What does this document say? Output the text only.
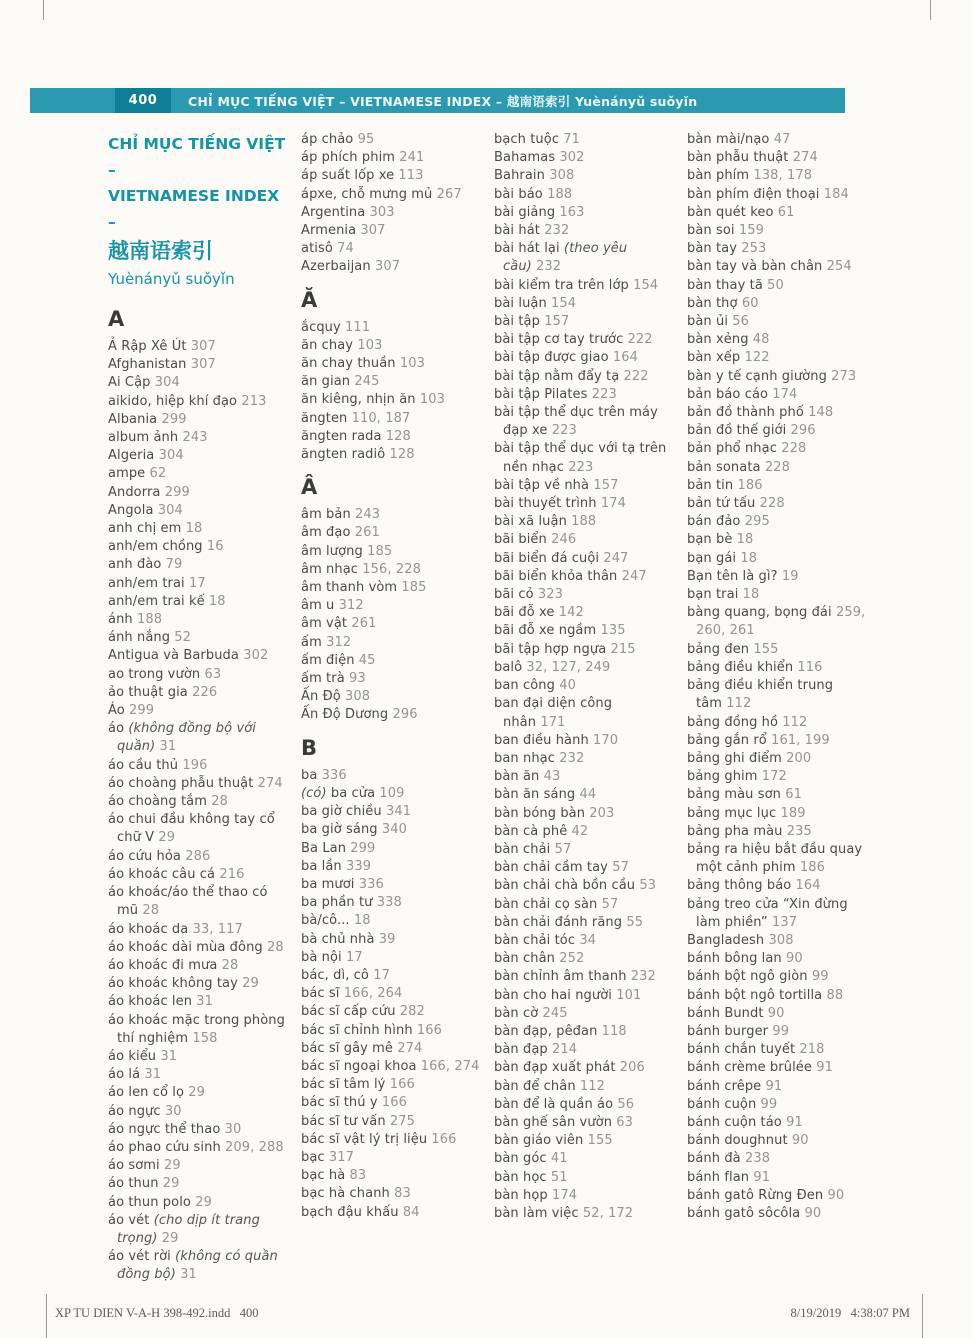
400 CHỈ MỤC TIẾNG VIỆT – VIETNAMESE INDEX – 越南语索引 Yuènányǔ suǒyǐn
CHỈ MỤC TIẾNG VIỆT –
VIETNAMESE INDEX –
越南语索引
Yuènányǔ suǒyǐn
A
Ả Rập Xê Út 307
Afghanistan 307
Ai Cập 304
aikido, hiệp khí đạo 213
Albania 299
album ảnh 243
Algeria 304
ampe 62
Andorra 299
Angola 304
anh chị em 18
anh/em chồng 16
anh đào 79
anh/em trai 17
anh/em trai kế 18
ánh 188
ánh nắng 52
Antigua và Barbuda 302
ao trong vườn 63
ảo thuật gia 226
Áo 299
áo (không đồng bộ với quần) 31
áo cầu thủ 196
áo choàng phẫu thuật 274
áo choàng tắm 28
áo chui đầu không tay cổ chữ V 29
áo cứu hỏa 286
áo khoác câu cá 216
áo khoác/áo thể thao có mũ 28
áo khoác da 33, 117
áo khoác dài mùa đông 28
áo khoác đi mưa 28
áo khoác không tay 29
áo khoác len 31
áo khoác mặc trong phòng thí nghiệm 158
áo kiểu 31
áo lá 31
áo len cổ lọ 29
áo ngực 30
áo ngực thể thao 30
áo phao cứu sinh 209, 288
áo sơmi 29
áo thun 29
áo thun polo 29
áo vét (cho dịp ít trang trọng) 29
áo vét rời (không có quần đồng bộ) 31
áp chảo 95
áp phích phim 241
áp suất lốp xe 113
ápxe, chỗ mưng mủ 267
Argentina 303
Armenia 307
atisô 74
Azerbaijan 307
Ă
ắcquy 111
ăn chay 103
ăn chay thuần 103
ăn gian 245
ăn kiêng, nhịn ăn 103
ăngten 110, 187
ăngten rada 128
ăngten radiô 128
Â
âm bản 243
âm đạo 261
âm lượng 185
âm nhạc 156, 228
âm thanh vòm 185
âm u 312
âm vật 261
ấm 312
ấm điện 45
ấm trà 93
Ấn Độ 308
Ấn Độ Dương 296
B
ba 336
(có) ba cửa 109
ba giờ chiều 341
ba giờ sáng 340
Ba Lan 299
ba lần 339
ba mươi 336
ba phần tư 338
bà/cô... 18
bà chủ nhà 39
bà nội 17
bác, dì, cô 17
bác sĩ 166, 264
bác sĩ cấp cứu 282
bác sĩ chỉnh hình 166
bác sĩ gây mê 274
bác sĩ ngoại khoa 166, 274
bác sĩ tâm lý 166
bác sĩ thú y 166
bác sĩ tư vấn 275
bác sĩ vật lý trị liệu 166
bạc 317
bạc hà 83
bạc hà chanh 83
bạch đậu khấu 84
bạch tuộc 71
Bahamas 302
Bahrain 308
bài báo 188
bài giảng 163
bài hát 232
bài hát lại (theo yêu cầu) 232
bài kiểm tra trên lớp 154
bài luận 154
bài tập 157
bài tập cơ tay trước 222
bài tập được giao 164
bài tập nằm đẩy tạ 222
bài tập Pilates 223
bài tập thể dục trên máy đạp xe 223
bài tập thể dục với tạ trên nền nhạc 223
bài tập về nhà 157
bài thuyết trình 174
bài xã luận 188
bãi biển 246
bãi biển đá cuội 247
bãi biển khỏa thân 247
bãi cỏ 323
bãi đỗ xe 142
bãi đỗ xe ngầm 135
bãi tập hợp ngựa 215
balô 32, 127, 249
ban công 40
ban đại diện công nhân 171
ban điều hành 170
ban nhạc 232
bàn ăn 43
bàn ăn sáng 44
bàn bóng bàn 203
bàn cà phê 42
bàn chải 57
bàn chải cầm tay 57
bàn chải chà bồn cầu 53
bàn chải cọ sàn 57
bàn chải đánh răng 55
bàn chải tóc 34
bàn chân 252
bàn chỉnh âm thanh 232
bàn cho hai người 101
bàn cờ 245
bàn đạp, pêđan 118
bàn đạp 214
bàn đạp xuất phát 206
bàn để chân 112
bàn để là quần áo 56
bàn ghế sân vườn 63
bàn giáo viên 155
bàn góc 41
bàn học 51
bàn họp 174
bàn làm việc 52, 172
bàn mài/nạo 47
bàn phẫu thuật 274
bàn phím 138, 178
bàn phím điện thoại 184
bàn quét keo 61
bàn soi 159
bàn tay 253
bàn tay và bàn chân 254
bàn thay tã 50
bàn thợ 60
bàn ủi 56
bàn xẻng 48
bàn xếp 122
bàn y tế cạnh giường 273
bản báo cáo 174
bản đồ thành phố 148
bản đồ thế giới 296
bản phổ nhạc 228
bản sonata 228
bản tin 186
bản tứ tấu 228
bán đảo 295
bạn bè 18
bạn gái 18
Bạn tên là gì? 19
bạn trai 18
bàng quang, bọng đái 259, 260, 261
bảng đen 155
bảng điều khiển 116
bảng điều khiển trung tâm 112
bảng đồng hồ 112
bảng gắn rổ 161, 199
bảng ghi điểm 200
bảng ghim 172
bảng màu sơn 61
bảng mục lục 189
bảng pha màu 235
bảng ra hiệu bắt đầu quay một cảnh phim 186
bảng thông báo 164
bảng treo cửa “Xin đừng làm phiền” 137
Bangladesh 308
bánh bông lan 90
bánh bột ngô giòn 99
bánh bột ngô tortilla 88
bánh Bundt 90
bánh burger 99
bánh chắn tuyết 218
bánh crème brûlée 91
bánh crêpe 91
bánh cuộn 99
bánh cuộn táo 91
bánh doughnut 90
bánh đà 238
bánh flan 91
bánh gatô Rừng Đen 90
bánh gatô sôcôla 90
XP TU DIEN V-A-H 398-492.indd   400	8/19/2019   4:38:07 PM
